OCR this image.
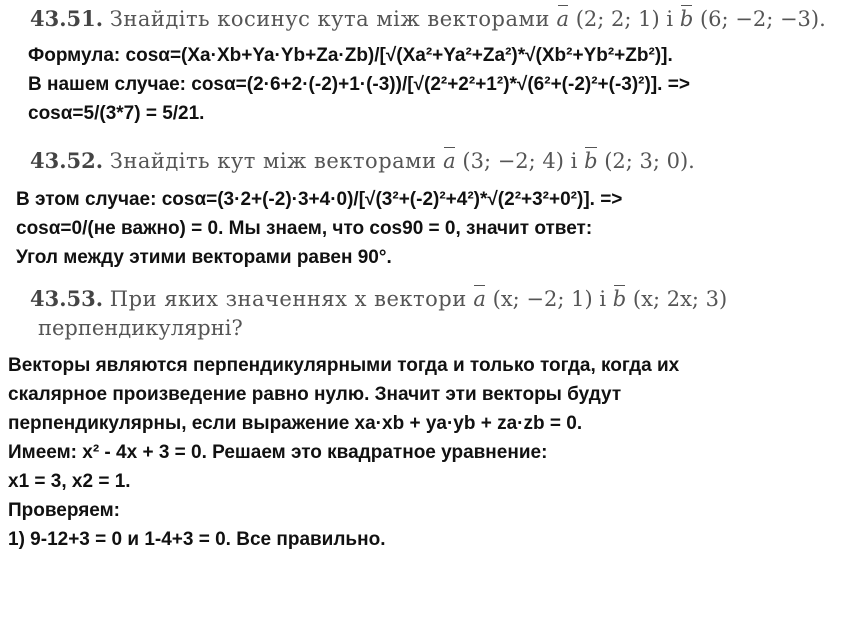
43.51. Знайдіть косинус кута між векторами a (2; 2; 1) і b (6; −2; −3).
Формула: cosα=(Xa·Xb+Ya·Yb+Za·Zb)/[√(Xa²+Ya²+Za²)*√(Xb²+Yb²+Zb²)].
В нашем случае: cosα=(2·6+2·(-2)+1·(-3))/[√(2²+2²+1²)*√(6²+(-2)²+(-3)²)]. =>
cosα=5/(3*7) = 5/21.
43.52. Знайдіть кут між векторами a (3; −2; 4) і b (2; 3; 0).
В этом случае: cosα=(3·2+(-2)·3+4·0)/[√(3²+(-2)²+4²)*√(2²+3²+0²)]. =>
cosα=0/(не важно) = 0. Мы знаем, что cos90 = 0, значит ответ:
Угол между этими векторами равен 90°.
43.53. При яких значеннях x вектори a (x; −2; 1) і b (x; 2x; 3)
перпендикулярні?
Векторы являются перпендикулярными тогда и только тогда, когда их
скалярное произведение равно нулю. Значит эти векторы будут
перпендикулярны, если выражение xa·xb + ya·yb + za·zb = 0.
Имеем: x² - 4x + 3 = 0. Решаем это квадратное уравнение:
x1 = 3, x2 = 1.
Проверяем:
1) 9-12+3 = 0 и 1-4+3 = 0. Все правильно.
